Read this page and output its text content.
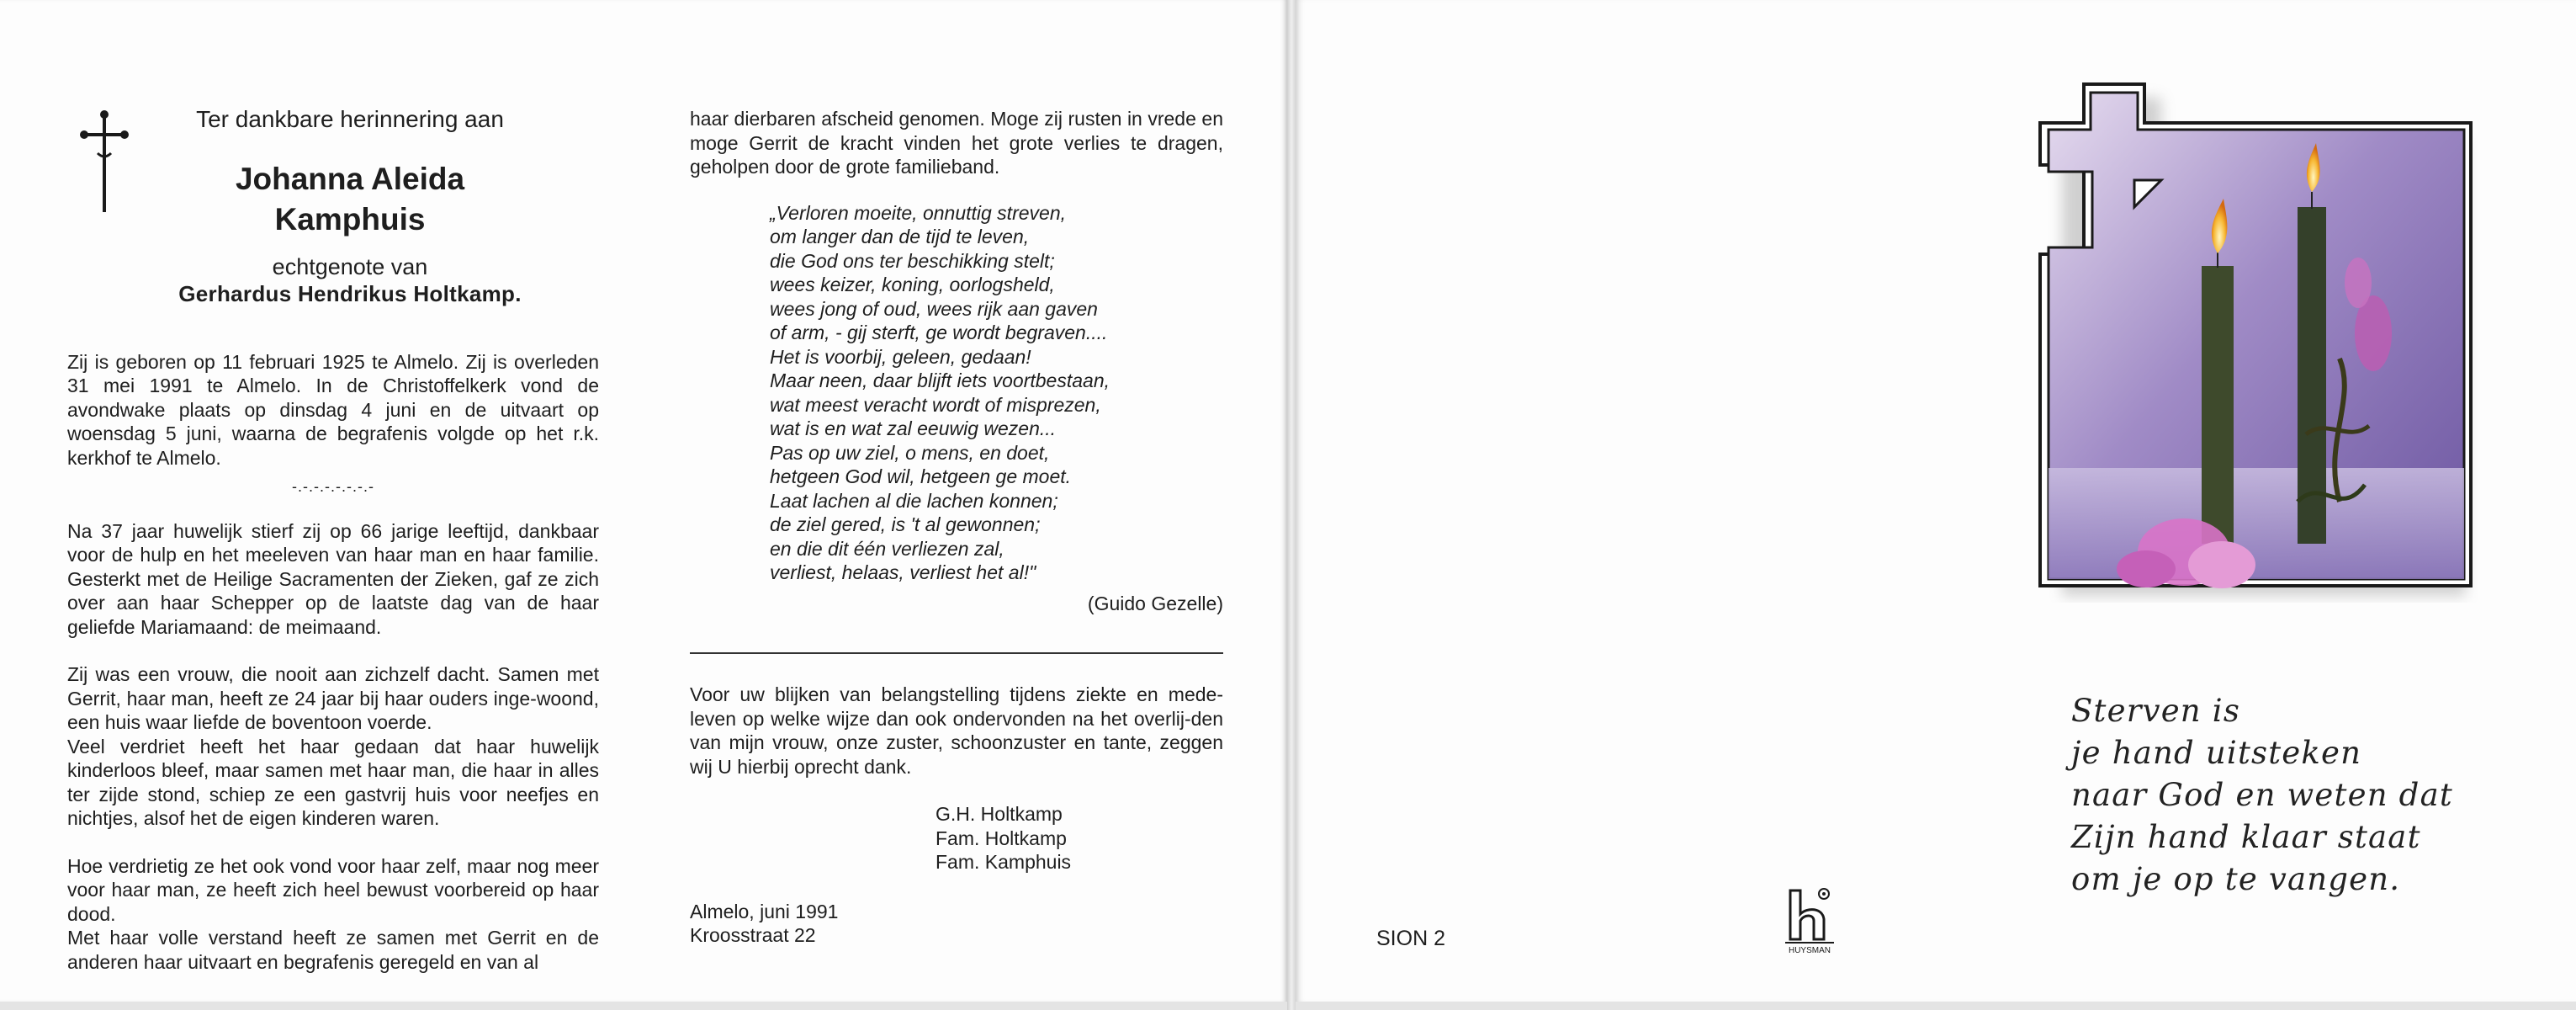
Ter dankbare herinnering aan
Johanna Aleida
Kamphuis
echtgenote van
Gerhardus Hendrikus Holtkamp.

Zij is geboren op 11 februari 1925 te Almelo. Zij is overleden 31 mei 1991 te Almelo. In de Christoffelkerk vond de avondwake plaats op dinsdag 4 juni en de uitvaart op woensdag 5 juni, waarna de begrafenis volgde op het r.k. kerkhof te Almelo.

-.-.-.-.-.-.-.-

Na 37 jaar huwelijk stierf zij op 66 jarige leeftijd, dankbaar voor de hulp en het meeleven van haar man en haar familie. Gesterkt met de Heilige Sacramenten der Zieken, gaf ze zich over aan haar Schepper op de laatste dag van de haar geliefde Mariamaand: de meimaand.

Zij was een vrouw, die nooit aan zichzelf dacht. Samen met Gerrit, haar man, heeft ze 24 jaar bij haar ouders inge-woond, een huis waar liefde de boventoon voerde.

Veel verdriet heeft het haar gedaan dat haar huwelijk kinderloos bleef, maar samen met haar man, die haar in alles ter zijde stond, schiep ze een gastvrij huis voor neefjes en nichtjes, alsof het de eigen kinderen waren.

Hoe verdrietig ze het ook vond voor haar zelf, maar nog meer voor haar man, ze heeft zich heel bewust voorbereid op haar dood.

Met haar volle verstand heeft ze samen met Gerrit en de anderen haar uitvaart en begrafenis geregeld en van al

haar dierbaren afscheid genomen. Moge zij rusten in vrede en moge Gerrit de kracht vinden het grote verlies te dragen, geholpen door de grote familieband.

„Verloren moeite, onnuttig streven,
om langer dan de tijd te leven,
die God ons ter beschikking stelt;
wees keizer, koning, oorlogsheld,
wees jong of oud, wees rijk aan gaven
of arm, - gij sterft, ge wordt begraven....
Het is voorbij, geleen, gedaan!
Maar neen, daar blijft iets voortbestaan,
wat meest veracht wordt of misprezen,
wat is en wat zal eeuwig wezen...
Pas op uw ziel, o mens, en doet,
hetgeen God wil, hetgeen ge moet.
Laat lachen al die lachen konnen;
de ziel gered, is 't al gewonnen;
en die dit één verliezen zal,
verliest, helaas, verliest het al!"
(Guido Gezelle)

Voor uw blijken van belangstelling tijdens ziekte en mede-leven op welke wijze dan ook ondervonden na het overlij-den van mijn vrouw, onze zuster, schoonzuster en tante, zeggen wij U hierbij oprecht dank.

G.H. Holtkamp
Fam. Holtkamp
Fam. Kamphuis
Almelo, juni 1991
Kroosstraat 22
Sterven is
je hand uitsteken
naar God en weten dat
Zijn hand klaar staat
om je op te vangen.
SION 2
HUYSMAN
